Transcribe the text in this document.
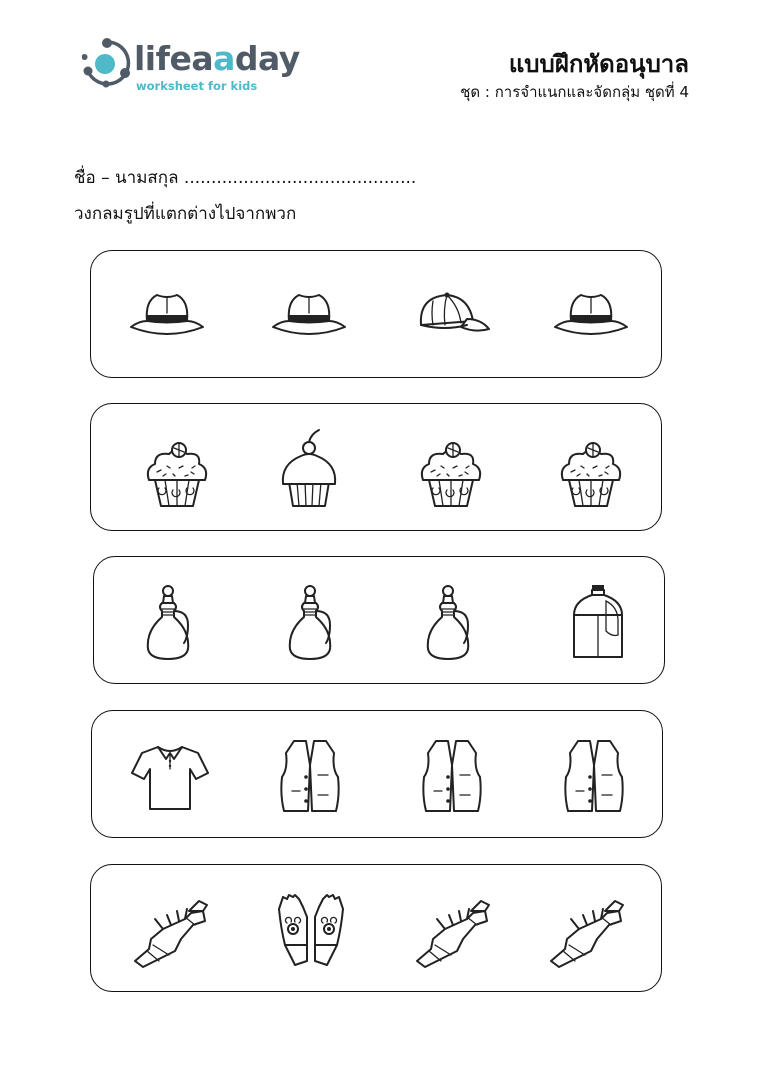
lifeaaday
worksheet for kids
แบบฝึกหัดอนุบาล
ชุด : การจำแนกและจัดกลุ่ม ชุดที่ 4
ชื่อ – นามสกุล ...........................................
วงกลมรูปที่แตกต่างไปจากพวก
